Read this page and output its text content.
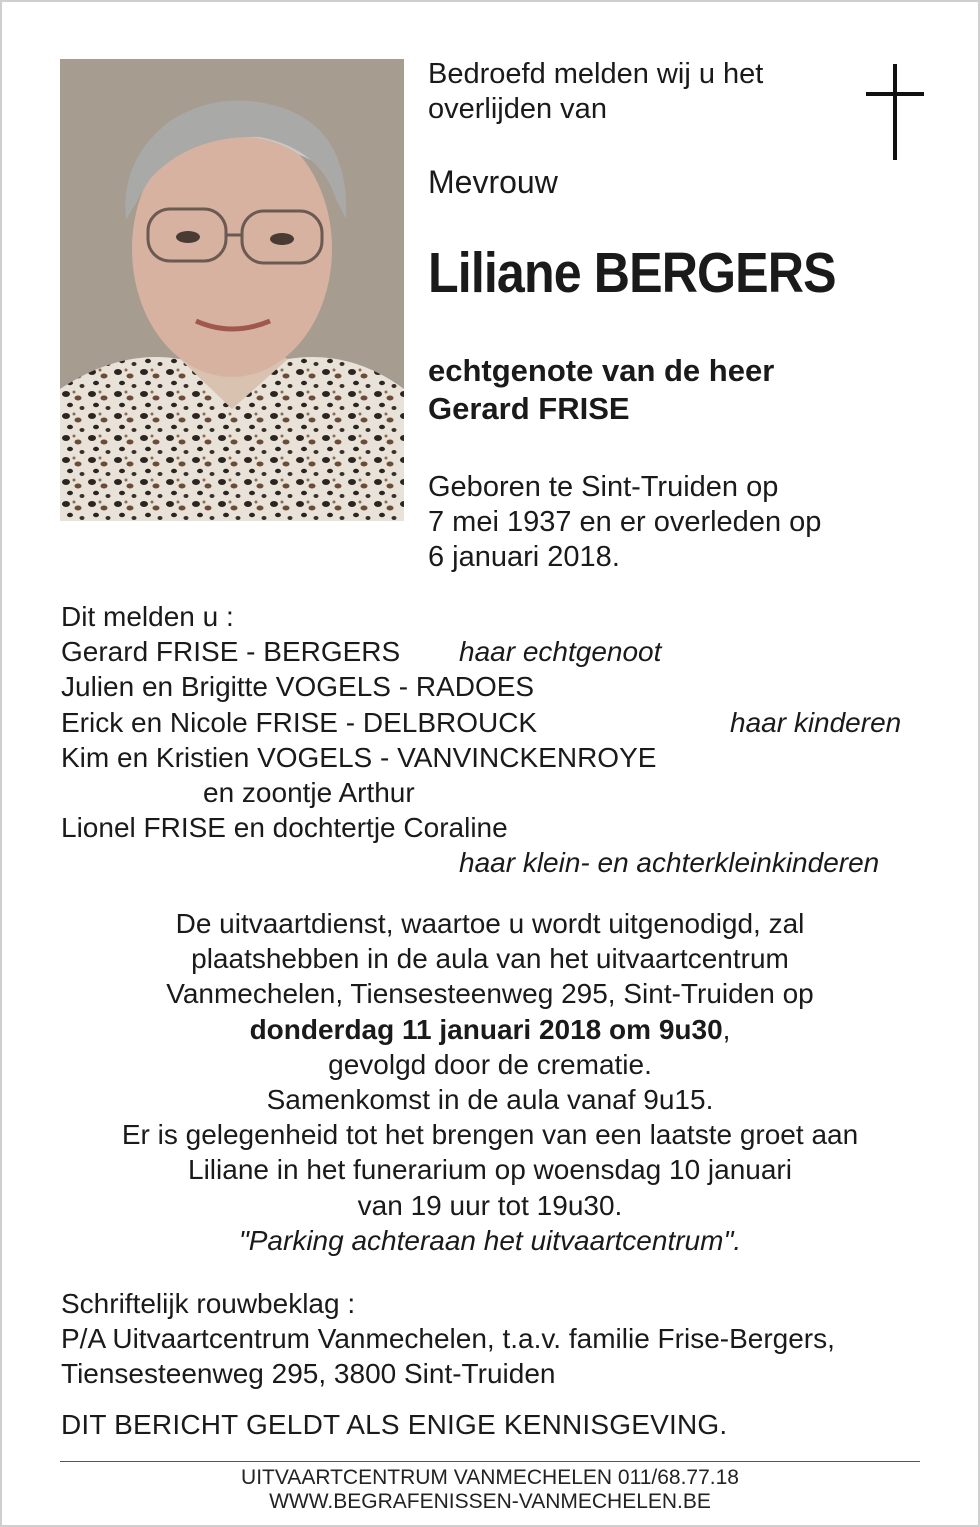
Bedroefd melden wij u het
overlijden van
Mevrouw
Liliane BERGERS
echtgenote van de heer
Gerard FRISE
Geboren te Sint-Truiden op
7 mei 1937 en er overleden op
6 januari 2018.
Dit melden u :
Gerard FRISE - BERGERS haar echtgenoot
Julien en Brigitte VOGELS - RADOES
Erick en Nicole FRISE - DELBROUCK	haar kinderen
Kim en Kristien VOGELS - VANVINCKENROYE
en zoontje Arthur
Lionel FRISE en dochtertje Coraline
haar klein- en achterkleinkinderen
De uitvaartdienst, waartoe u wordt uitgenodigd, zal
plaatshebben in de aula van het uitvaartcentrum
Vanmechelen, Tiensesteenweg 295, Sint-Truiden op
donderdag 11 januari 2018 om 9u30,
gevolgd door de crematie.
Samenkomst in de aula vanaf 9u15.
Er is gelegenheid tot het brengen van een laatste groet aan
Liliane in het funerarium op woensdag 10 januari
van 19 uur tot 19u30.
"Parking achteraan het uitvaartcentrum".
Schriftelijk rouwbeklag :
P/A Uitvaartcentrum Vanmechelen, t.a.v. familie Frise-Bergers,
Tiensesteenweg 295, 3800 Sint-Truiden
DIT BERICHT GELDT ALS ENIGE KENNISGEVING.
UITVAARTCENTRUM VANMECHELEN 011/68.77.18
WWW.BEGRAFENISSEN-VANMECHELEN.BE
